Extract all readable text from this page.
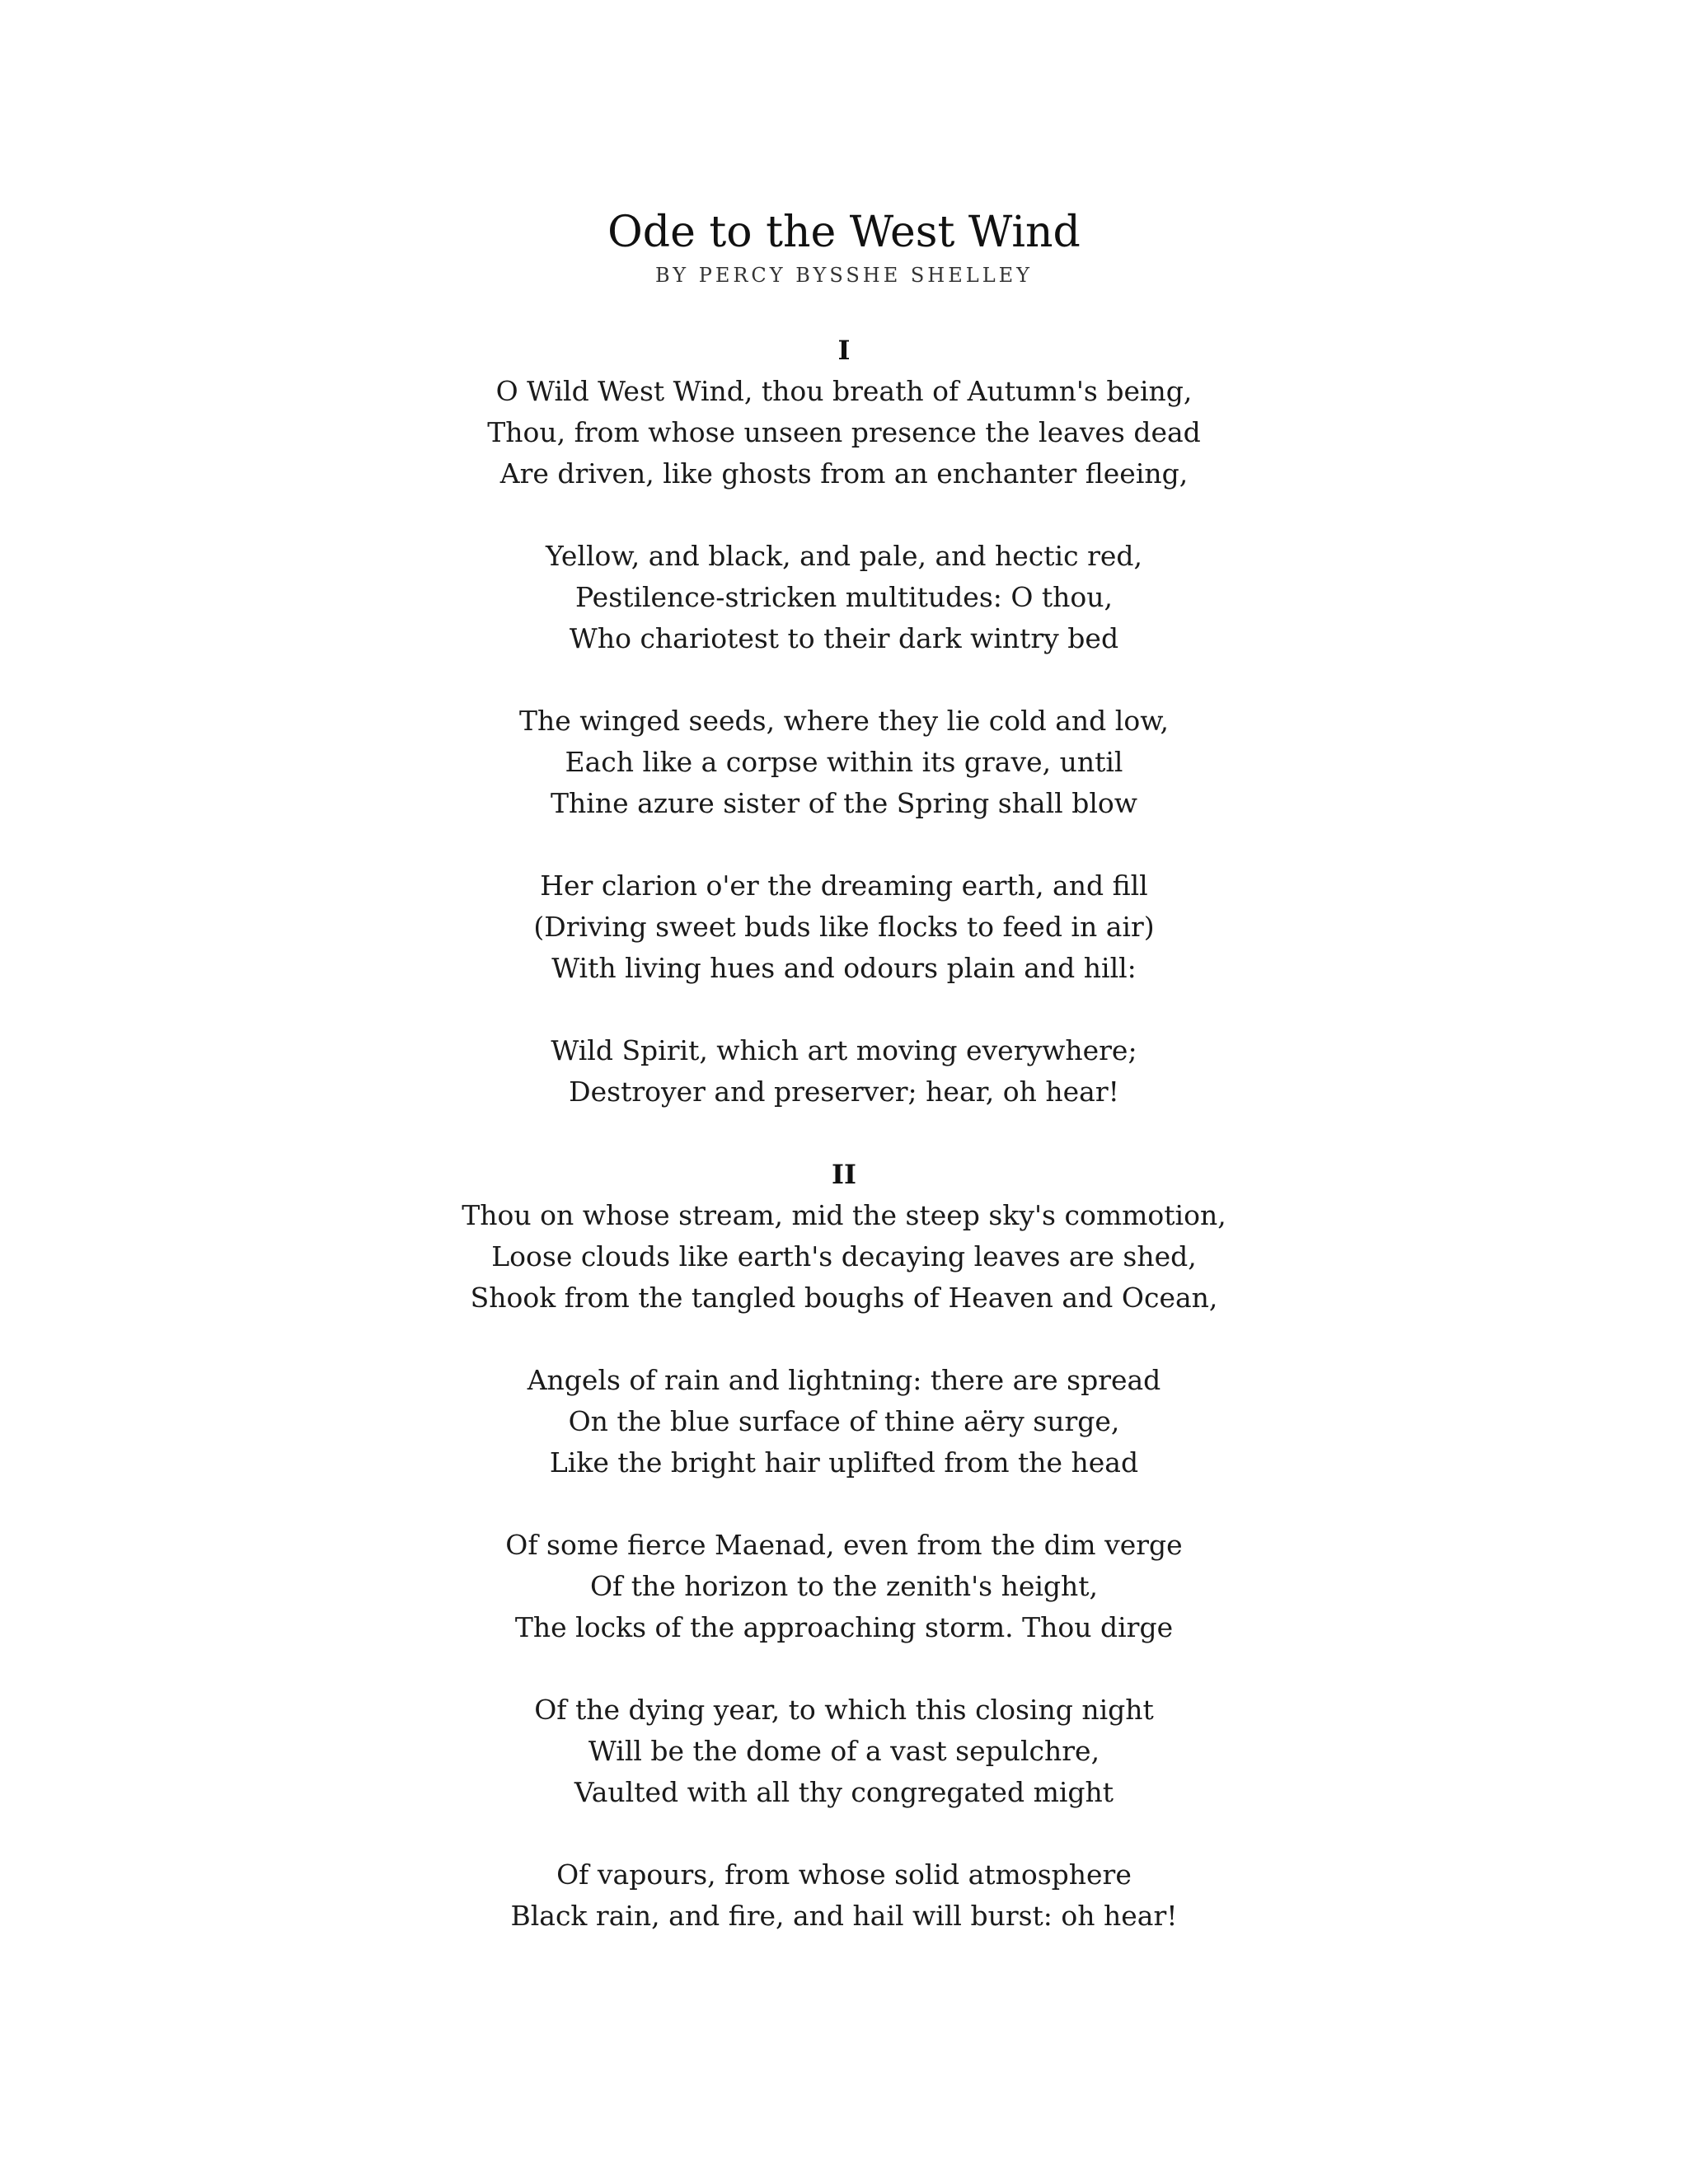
Ode to the West Wind
BY PERCY BYSSHE SHELLEY
I
O Wild West Wind, thou breath of Autumn's being,
Thou, from whose unseen presence the leaves dead
Are driven, like ghosts from an enchanter fleeing,
Yellow, and black, and pale, and hectic red,
Pestilence-stricken multitudes: O thou,
Who chariotest to their dark wintry bed
The winged seeds, where they lie cold and low,
Each like a corpse within its grave, until
Thine azure sister of the Spring shall blow
Her clarion o'er the dreaming earth, and fill
(Driving sweet buds like flocks to feed in air)
With living hues and odours plain and hill:
Wild Spirit, which art moving everywhere;
Destroyer and preserver; hear, oh hear!
II
Thou on whose stream, mid the steep sky's commotion,
Loose clouds like earth's decaying leaves are shed,
Shook from the tangled boughs of Heaven and Ocean,
Angels of rain and lightning: there are spread
On the blue surface of thine aëry surge,
Like the bright hair uplifted from the head
Of some fierce Maenad, even from the dim verge
Of the horizon to the zenith's height,
The locks of the approaching storm. Thou dirge
Of the dying year, to which this closing night
Will be the dome of a vast sepulchre,
Vaulted with all thy congregated might
Of vapours, from whose solid atmosphere
Black rain, and fire, and hail will burst: oh hear!
